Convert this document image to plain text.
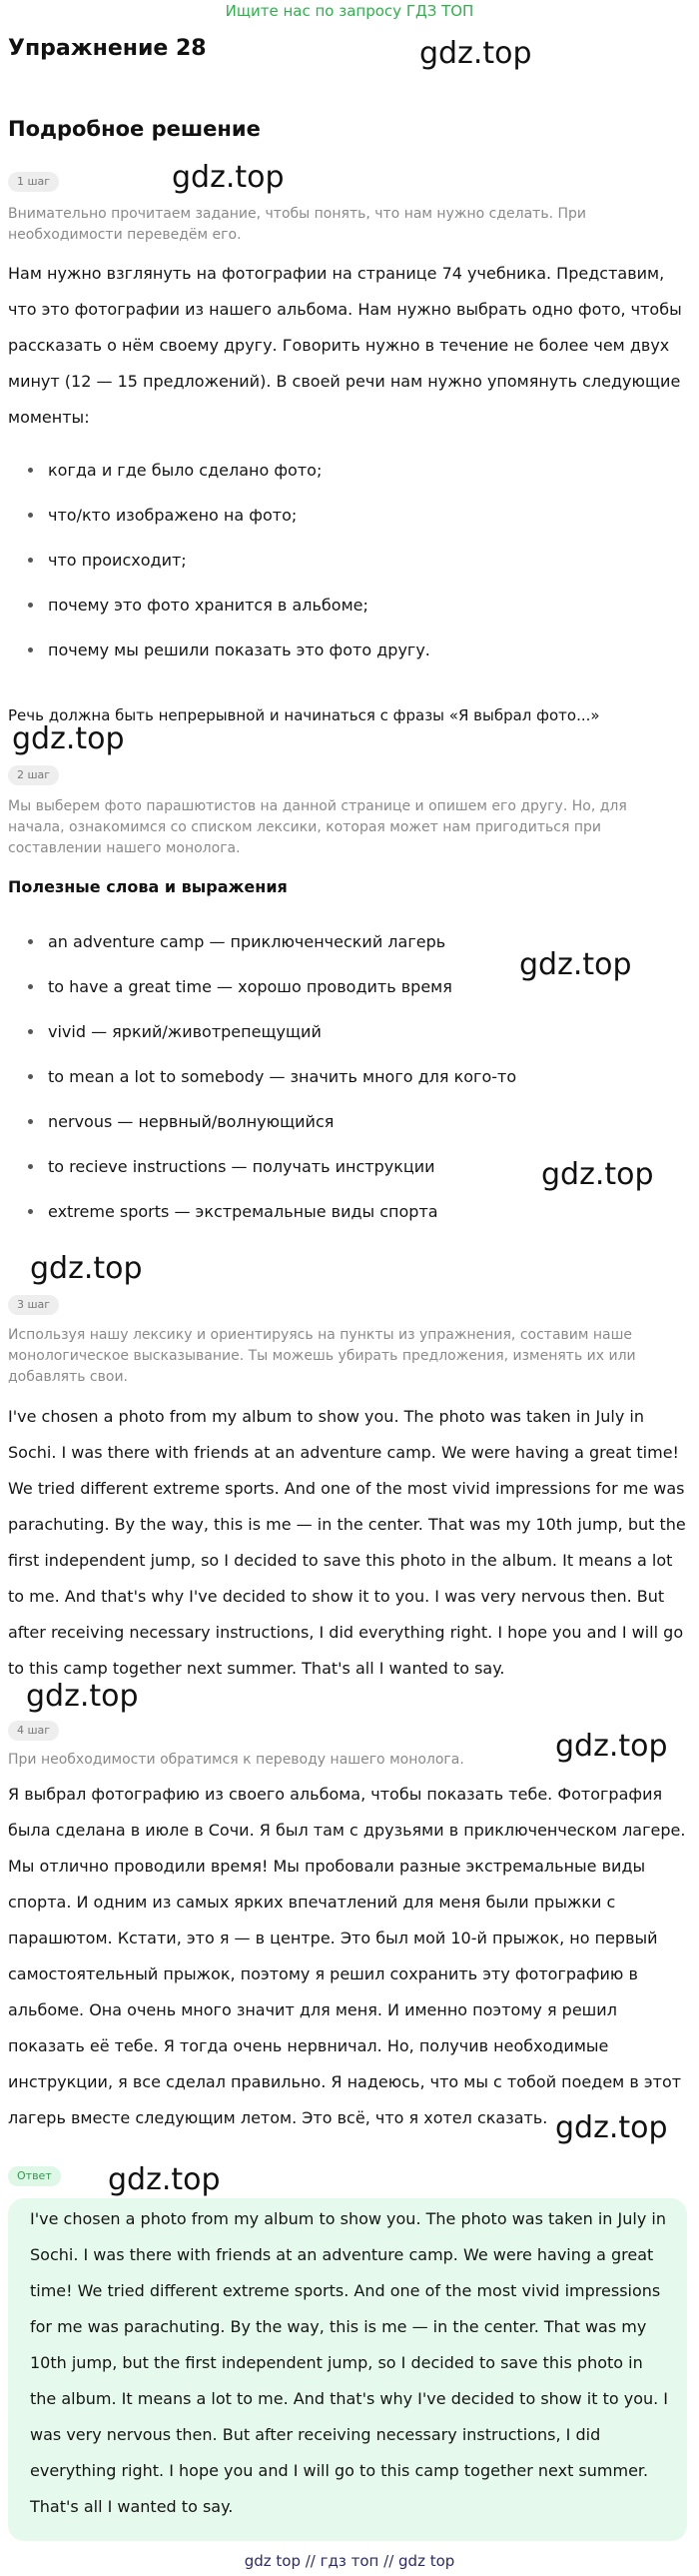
Ищите нас по запросу ГДЗ ТОП
Упражнение 28	gdz.top
Подробное решение
1 шаг	gdz.top
Внимательно прочитаем задание, чтобы понять, что нам нужно сделать. При необходимости переведём его.
Нам нужно взглянуть на фотографии на странице 74 учебника. Представим, что это фотографии из нашего альбома. Нам нужно выбрать одно фото, чтобы рассказать о нём своему другу. Говорить нужно в течение не более чем двух минут (12 — 15 предложений). В своей речи нам нужно упомянуть следующие моменты:
когда и где было сделано фото;
что/кто изображено на фото;
что происходит;
почему это фото хранится в альбоме;
почему мы решили показать это фото другу.
Речь должна быть непрерывной и начинаться с фразы «Я выбрал фото...»
gdz.top
2 шаг
Мы выберем фото парашютистов на данной странице и опишем его другу. Но, для начала, ознакомимся со списком лексики, которая может нам пригодиться при составлении нашего монолога.
Полезные слова и выражения
an adventure camp — приключенческий лагерь
to have a great time — хорошо проводить время
vivid — яркий/животрепещущий
to mean a lot to somebody — значить много для кого-то
nervous — нервный/волнующийся
to recieve instructions — получать инструкции
extreme sports — экстремальные виды спорта
gdz.top
gdz.top
gdz.top
3 шаг
Используя нашу лексику и ориентируясь на пункты из упражнения, составим наше монологическое высказывание. Ты можешь убирать предложения, изменять их или добавлять свои.
I've chosen a photo from my album to show you. The photo was taken in July in Sochi. I was there with friends at an adventure camp. We were having a great time! We tried different extreme sports. And one of the most vivid impressions for me was parachuting. By the way, this is me — in the center. That was my 10th jump, but the first independent jump, so I decided to save this photo in the album. It means a lot to me. And that's why I've decided to show it to you. I was very nervous then. But after receiving necessary instructions, I did everything right. I hope you and I will go to this camp together next summer. That's all I wanted to say.
gdz.top
4 шаг	gdz.top
При необходимости обратимся к переводу нашего монолога.
Я выбрал фотографию из своего альбома, чтобы показать тебе. Фотография была сделана в июле в Сочи. Я был там с друзьями в приключенческом лагере. Мы отлично проводили время! Мы пробовали разные экстремальные виды спорта. И одним из самых ярких впечатлений для меня были прыжки с парашютом. Кстати, это я — в центре. Это был мой 10-й прыжок, но первый самостоятельный прыжок, поэтому я решил сохранить эту фотографию в альбоме. Она очень много значит для меня. И именно поэтому я решил показать её тебе. Я тогда очень нервничал. Но, получив необходимые инструкции, я все сделал правильно. Я надеюсь, что мы с тобой поедем в этот лагерь вместе следующим летом. Это всё, что я хотел сказать. gdz.top
Ответ	gdz.top
I've chosen a photo from my album to show you. The photo was taken in July in Sochi. I was there with friends at an adventure camp. We were having a great time! We tried different extreme sports. And one of the most vivid impressions for me was parachuting. By the way, this is me — in the center. That was my 10th jump, but the first independent jump, so I decided to save this photo in the album. It means a lot to me. And that's why I've decided to show it to you. I was very nervous then. But after receiving necessary instructions, I did everything right. I hope you and I will go to this camp together next summer. That's all I wanted to say.
gdz top // гдз топ // gdz top
